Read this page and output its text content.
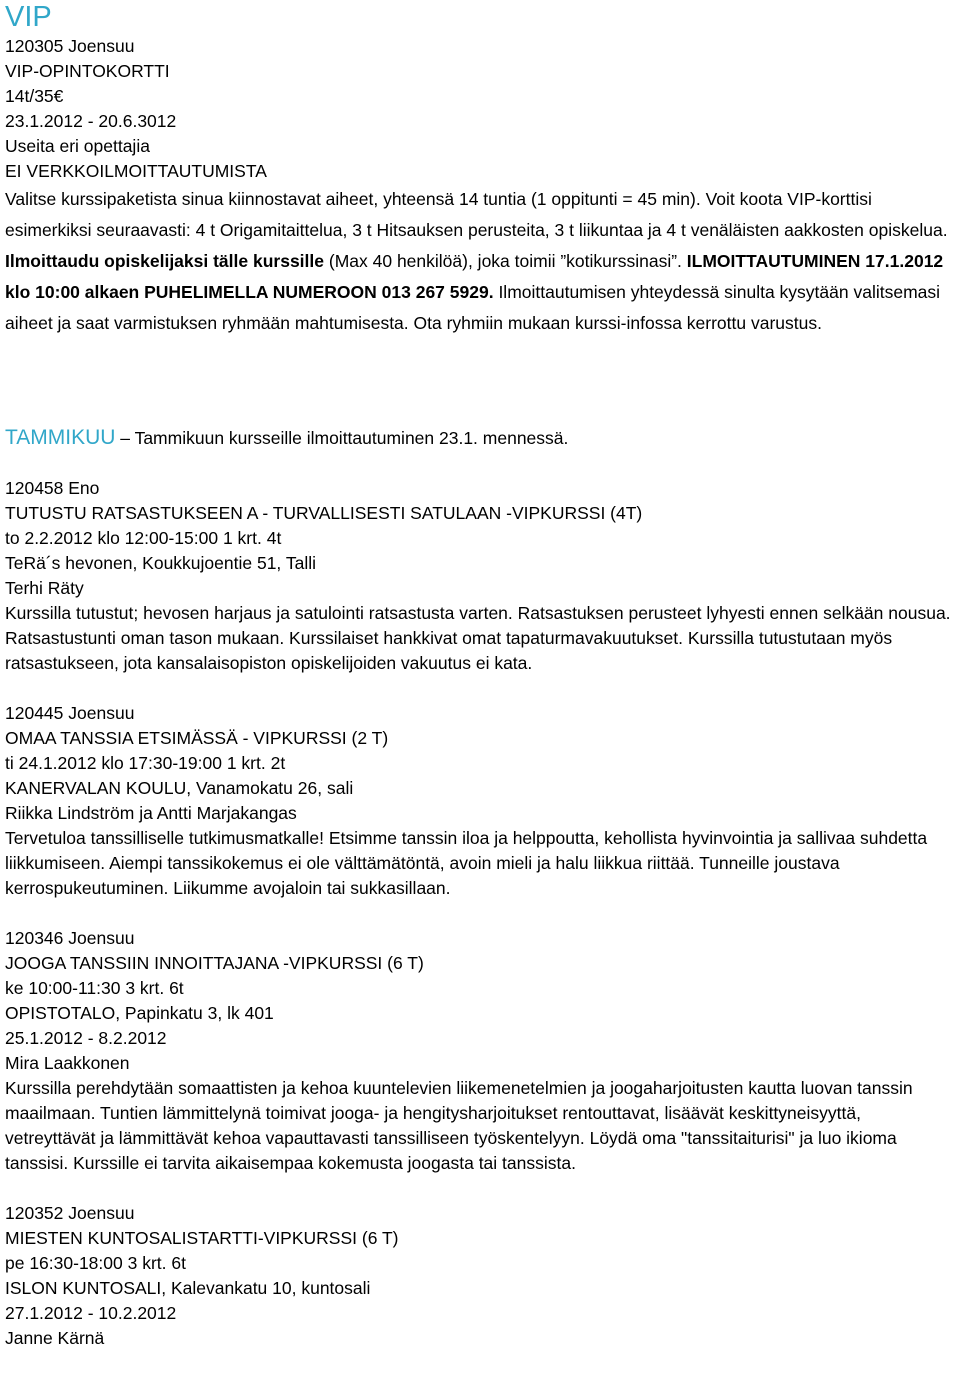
VIP
120305 Joensuu
VIP-OPINTOKORTTI
14t/35€
23.1.2012 - 20.6.3012
Useita eri opettajia
EI VERKKOILMOITTAUTUMISTA

Valitse kurssipaketista sinua kiinnostavat aiheet, yhteensä 14 tuntia (1 oppitunti = 45 min). Voit koota VIP-korttisi esimerkiksi seuraavasti: 4 t Origamitaittelua, 3 t Hitsauksen perusteita, 3 t liikuntaa ja 4 t venäläisten aakkosten opiskelua. Ilmoittaudu opiskelijaksi tälle kurssille (Max 40 henkilöä), joka toimii ”kotikurssinasi”. ILMOITTAUTUMINEN 17.1.2012 klo 10:00 alkaen PUHELIMELLA NUMEROON 013 267 5929. Ilmoittautumisen yhteydessä sinulta kysytään valitsemasi aiheet ja saat varmistuksen ryhmään mahtumisesta. Ota ryhmiin mukaan kurssi-infossa kerrottu varustus.

TAMMIKUU – Tammikuun kursseille ilmoittautuminen 23.1. mennessä.

120458 Eno
TUTUSTU RATSASTUKSEEN A - TURVALLISESTI SATULAAN -VIPKURSSI (4T)
to 2.2.2012 klo 12:00-15:00 1 krt. 4t
TeRä´s hevonen, Koukkujoentie 51, Talli
Terhi Räty

Kurssilla tutustut; hevosen harjaus ja satulointi ratsastusta varten. Ratsastuksen perusteet lyhyesti ennen selkään nousua. Ratsastustunti oman tason mukaan. Kurssilaiset hankkivat omat tapaturmavakuutukset. Kurssilla tutustutaan myös ratsastukseen, jota kansalaisopiston opiskelijoiden vakuutus ei kata.

120445 Joensuu
OMAA TANSSIA ETSIMÄSSÄ - VIPKURSSI (2 T)
ti 24.1.2012 klo 17:30-19:00 1 krt. 2t
KANERVALAN KOULU, Vanamokatu 26, sali
Riikka Lindström ja Antti Marjakangas

Tervetuloa tanssilliselle tutkimusmatkalle! Etsimme tanssin iloa ja helppoutta, kehollista hyvinvointia ja sallivaa suhdetta liikkumiseen. Aiempi tanssikokemus ei ole välttämätöntä, avoin mieli ja halu liikkua riittää. Tunneille joustava kerrospukeutuminen. Liikumme avojaloin tai sukkasillaan.

120346 Joensuu
JOOGA TANSSIIN INNOITTAJANA -VIPKURSSI (6 T)
ke 10:00-11:30 3 krt. 6t
OPISTOTALO, Papinkatu 3, lk 401
25.1.2012 - 8.2.2012
Mira Laakkonen

Kurssilla perehdytään somaattisten ja kehoa kuuntelevien liikemenetelmien ja joogaharjoitusten kautta luovan tanssin maailmaan. Tuntien lämmittelynä toimivat jooga- ja hengitysharjoitukset rentouttavat, lisäävät keskittyneisyyttä, vetreyttävät ja lämmittävät kehoa vapauttavasti tanssilliseen työskentelyyn. Löydä oma "tanssitaiturisi" ja luo ikioma tanssisi. Kurssille ei tarvita aikaisempaa kokemusta joogasta tai tanssista.

120352 Joensuu
MIESTEN KUNTOSALISTARTTI-VIPKURSSI (6 T)
pe 16:30-18:00 3 krt. 6t
ISLON KUNTOSALI, Kalevankatu 10, kuntosali
27.1.2012 - 10.2.2012
Janne Kärnä
